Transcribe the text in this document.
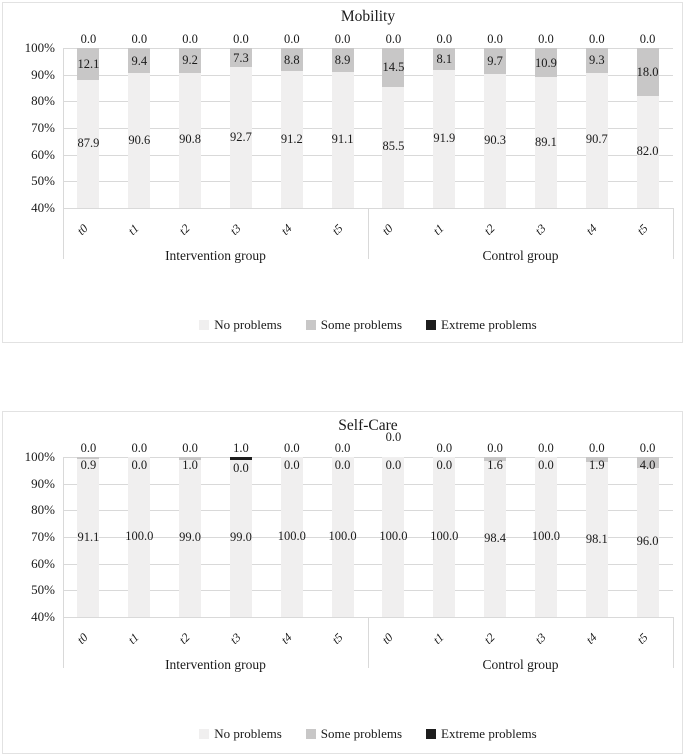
Mobility
100%
90%
80%
70%
60%
50%
40%
0.0
12.1
87.9
t0
0.0
9.4
90.6
t1
0.0
9.2
90.8
t2
0.0
7.3
92.7
t3
0.0
8.8
91.2
t4
0.0
8.9
91.1
t5
0.0
14.5
85.5
t0
0.0
8.1
91.9
t1
0.0
9.7
90.3
t2
0.0
10.9
89.1
t3
0.0
9.3
90.7
t4
0.0
18.0
82.0
t5
Intervention group	Control group
No problems	Some problems	Extreme problems
Self-Care
100%
90%
80%
70%
60%
50%
40%
0.0
0.9
91.1
t0
0.0
0.0
100.0
t1
0.0
1.0
99.0
t2
1.0
0.0
99.0
t3
0.0
0.0
100.0
t4
0.0
0.0
100.0
t5
0.0
0.0
100.0
t0
0.0
0.0
100.0
t1
0.0
1.6
98.4
t2
0.0
0.0
100.0
t3
0.0
1.9
98.1
t4
0.0
4.0
96.0
t5
Intervention group	Control group
No problems	Some problems	Extreme problems
